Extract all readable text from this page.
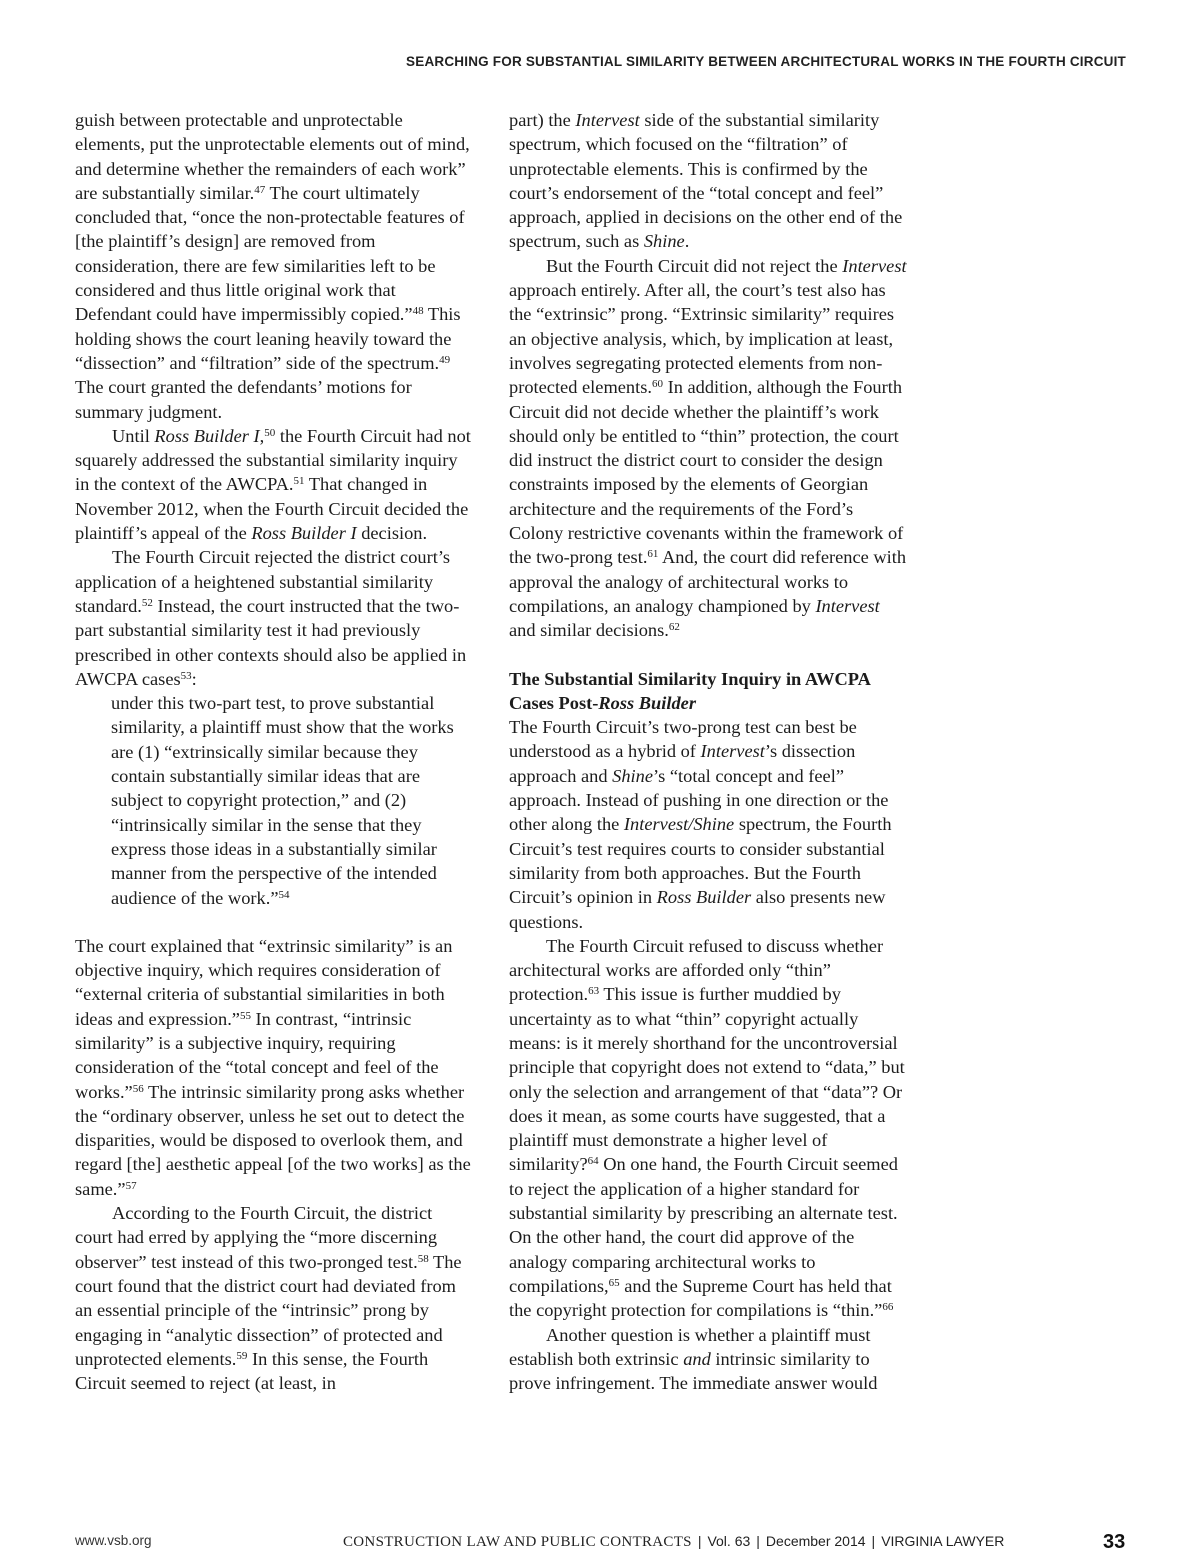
SEARCHING FOR SUBSTANTIAL SIMILARITY BETWEEN ARCHITECTURAL WORKS IN THE FOURTH CIRCUIT

guish between protectable and unprotectable elements, put the unprotectable elements out of mind, and determine whether the remainders of each work” are substantially similar.$^{47}$ The court ultimately concluded that, “once the non-protectable features of [the plaintiff’s design] are removed from consideration, there are few similarities left to be considered and thus little original work that Defendant could have impermissibly copied.”$^{48}$ This holding shows the court leaning heavily toward the “dissection” and “filtration” side of the spectrum.$^{49}$ The court granted the defendants’ motions for summary judgment.

Until Ross Builder I,$^{50}$ the Fourth Circuit had not squarely addressed the substantial similarity inquiry in the context of the AWCPA.$^{51}$ That changed in November 2012, when the Fourth Circuit decided the plaintiff’s appeal of the Ross Builder I decision.

The Fourth Circuit rejected the district court’s application of a heightened substantial similarity standard.$^{52}$ Instead, the court instructed that the two-part substantial similarity test it had previously prescribed in other contexts should also be applied in AWCPA cases$^{53}$:

under this two-part test, to prove substantial similarity, a plaintiff must show that the works are (1) “extrinsically similar because they contain substantially similar ideas that are subject to copyright protection,” and (2) “intrinsically similar in the sense that they express those ideas in a substantially similar manner from the perspective of the intended audience of the work.”$^{54}$

The court explained that “extrinsic similarity” is an objective inquiry, which requires consideration of “external criteria of substantial similarities in both ideas and expression.”$^{55}$ In contrast, “intrinsic similarity” is a subjective inquiry, requiring consideration of the “total concept and feel of the works.”$^{56}$ The intrinsic similarity prong asks whether the “ordinary observer, unless he set out to detect the disparities, would be disposed to overlook them, and regard [the] aesthetic appeal [of the two works] as the same.”$^{57}$

According to the Fourth Circuit, the district court had erred by applying the “more discerning observer” test instead of this two-pronged test.$^{58}$ The court found that the district court had deviated from an essential principle of the “intrinsic” prong by engaging in “analytic dissection” of protected and unprotected elements.$^{59}$ In this sense, the Fourth Circuit seemed to reject (at least, in

part) the Intervest side of the substantial similarity spectrum, which focused on the “filtration” of unprotectable elements. This is confirmed by the court’s endorsement of the “total concept and feel” approach, applied in decisions on the other end of the spectrum, such as Shine.

But the Fourth Circuit did not reject the Intervest approach entirely. After all, the court’s test also has the “extrinsic” prong. “Extrinsic similarity” requires an objective analysis, which, by implication at least, involves segregating protected elements from non-protected elements.$^{60}$ In addition, although the Fourth Circuit did not decide whether the plaintiff’s work should only be entitled to “thin” protection, the court did instruct the district court to consider the design constraints imposed by the elements of Georgian architecture and the requirements of the Ford’s Colony restrictive covenants within the framework of the two-prong test.$^{61}$ And, the court did reference with approval the analogy of architectural works to compilations, an analogy championed by Intervest and similar decisions.$^{62}$

The Substantial Similarity Inquiry in AWCPA Cases Post-Ross Builder

The Fourth Circuit’s two-prong test can best be understood as a hybrid of Intervest’s dissection approach and Shine’s “total concept and feel” approach. Instead of pushing in one direction or the other along the Intervest/Shine spectrum, the Fourth Circuit’s test requires courts to consider substantial similarity from both approaches. But the Fourth Circuit’s opinion in Ross Builder also presents new questions.

The Fourth Circuit refused to discuss whether architectural works are afforded only “thin” protection.$^{63}$ This issue is further muddied by uncertainty as to what “thin” copyright actually means: is it merely shorthand for the uncontroversial principle that copyright does not extend to “data,” but only the selection and arrangement of that “data”? Or does it mean, as some courts have suggested, that a plaintiff must demonstrate a higher level of similarity?$^{64}$ On one hand, the Fourth Circuit seemed to reject the application of a higher standard for substantial similarity by prescribing an alternate test. On the other hand, the court did approve of the analogy comparing architectural works to compilations,$^{65}$ and the Supreme Court has held that the copyright protection for compilations is “thin.”$^{66}$

Another question is whether a plaintiff must establish both extrinsic and intrinsic similarity to prove infringement. The immediate answer would

www.vsb.org	CONSTRUCTION LAW AND PUBLIC CONTRACTS | Vol. 63 | December 2014 | VIRGINIA LAWYER	33
